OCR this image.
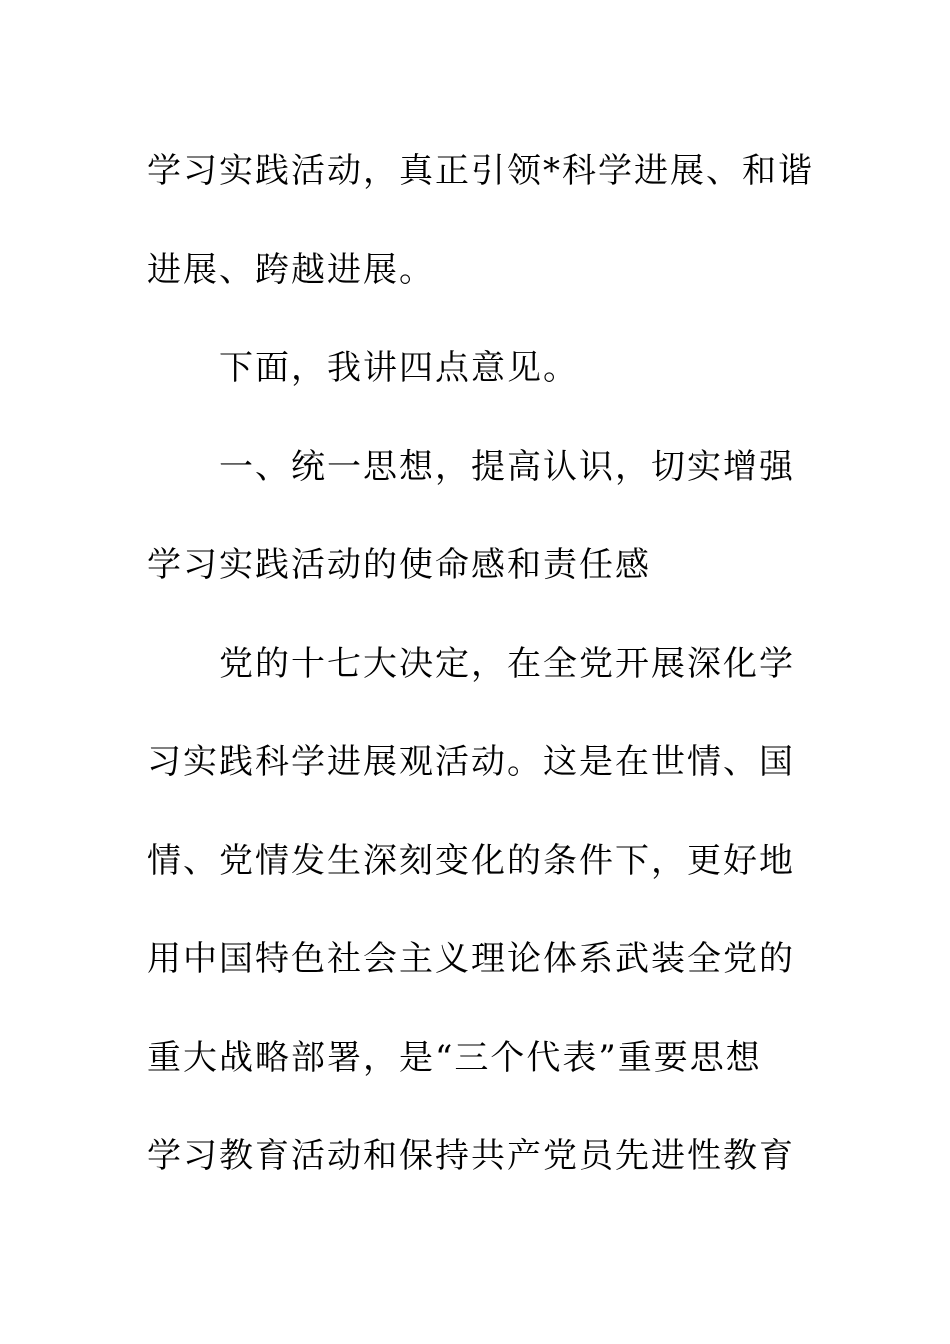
学习实践活动，真正引领*科学进展、和谐
进展、跨越进展。
下面，我讲四点意见。
一、统一思想，提高认识，切实增强
学习实践活动的使命感和责任感
党的十七大决定，在全党开展深化学
习实践科学进展观活动。这是在世情、国
情、党情发生深刻变化的条件下，更好地
用中国特色社会主义理论体系武装全党的
重大战略部署，是“三个代表”重要思想
学习教育活动和保持共产党员先进性教育
